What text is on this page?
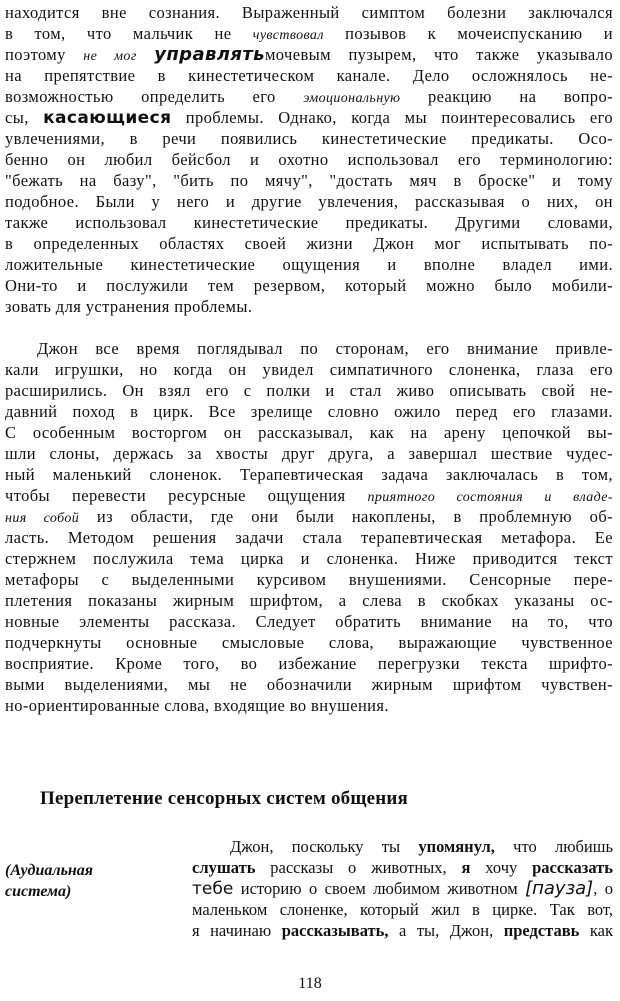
находится вне сознания. Выраженный симптом болезни заключался

в том, что мальчик не чувствовал позывов к мочеиспусканию и

поэтому не мог управлятьмочевым пузырем, что также указывало

на препятствие в кинестетическом канале. Дело осложнялось не-

возможностью определить его эмоциональную реакцию на вопро-

сы, касающиеся проблемы. Однако, когда мы поинтересовались его

увлечениями, в речи появились кинестетические предикаты. Осо-

бенно он любил бейсбол и охотно использовал его терминологию:

"бежать на базу", "бить по мячу", "достать мяч в броске" и тому

подобное. Были у него и другие увлечения, рассказывая о них, он

также использовал кинестетические предикаты. Другими словами,

в определенных областях своей жизни Джон мог испытывать по-

ложительные кинестетические ощущения и вполне владел ими.

Они-то и послужили тем резервом, который можно было мобили-

зовать для устранения проблемы.

Джон все время поглядывал по сторонам, его внимание привле-

кали игрушки, но когда он увидел симпатичного слоненка, глаза его

расширились. Он взял его с полки и стал живо описывать свой не-

давний поход в цирк. Все зрелище словно ожило перед его глазами.

С особенным восторгом он рассказывал, как на арену цепочкой вы-

шли слоны, держась за хвосты друг друга, а завершал шествие чудес-

ный маленький слоненок. Терапевтическая задача заключалась в том,

чтобы перевести ресурсные ощущения приятного состояния и владе-

ния собой из области, где они были накоплены, в проблемную об-

ласть. Методом решения задачи стала терапевтическая метафора. Ее

стержнем послужила тема цирка и слоненка. Ниже приводится текст

метафоры с выделенными курсивом внушениями. Сенсорные пере-

плетения показаны жирным шрифтом, а слева в скобках указаны ос-

новные элементы рассказа. Следует обратить внимание на то, что

подчеркнуты основные смысловые слова, выражающие чувственное

восприятие. Кроме того, во избежание перегрузки текста шрифто-

выми выделениями, мы не обозначили жирным шрифтом чувствен-

но-ориентированные слова, входящие во внушения.

Переплетение сенсорных систем общения

(Аудиальная

система)

Джон, поскольку ты упомянул, что любишь

слушать рассказы о животных, я хочу рассказать

тебе историю о своем любимом животном [пауза], о

маленьком слоненке, который жил в цирке. Так вот,

я начинаю рассказывать, а ты, Джон, представь как

118
